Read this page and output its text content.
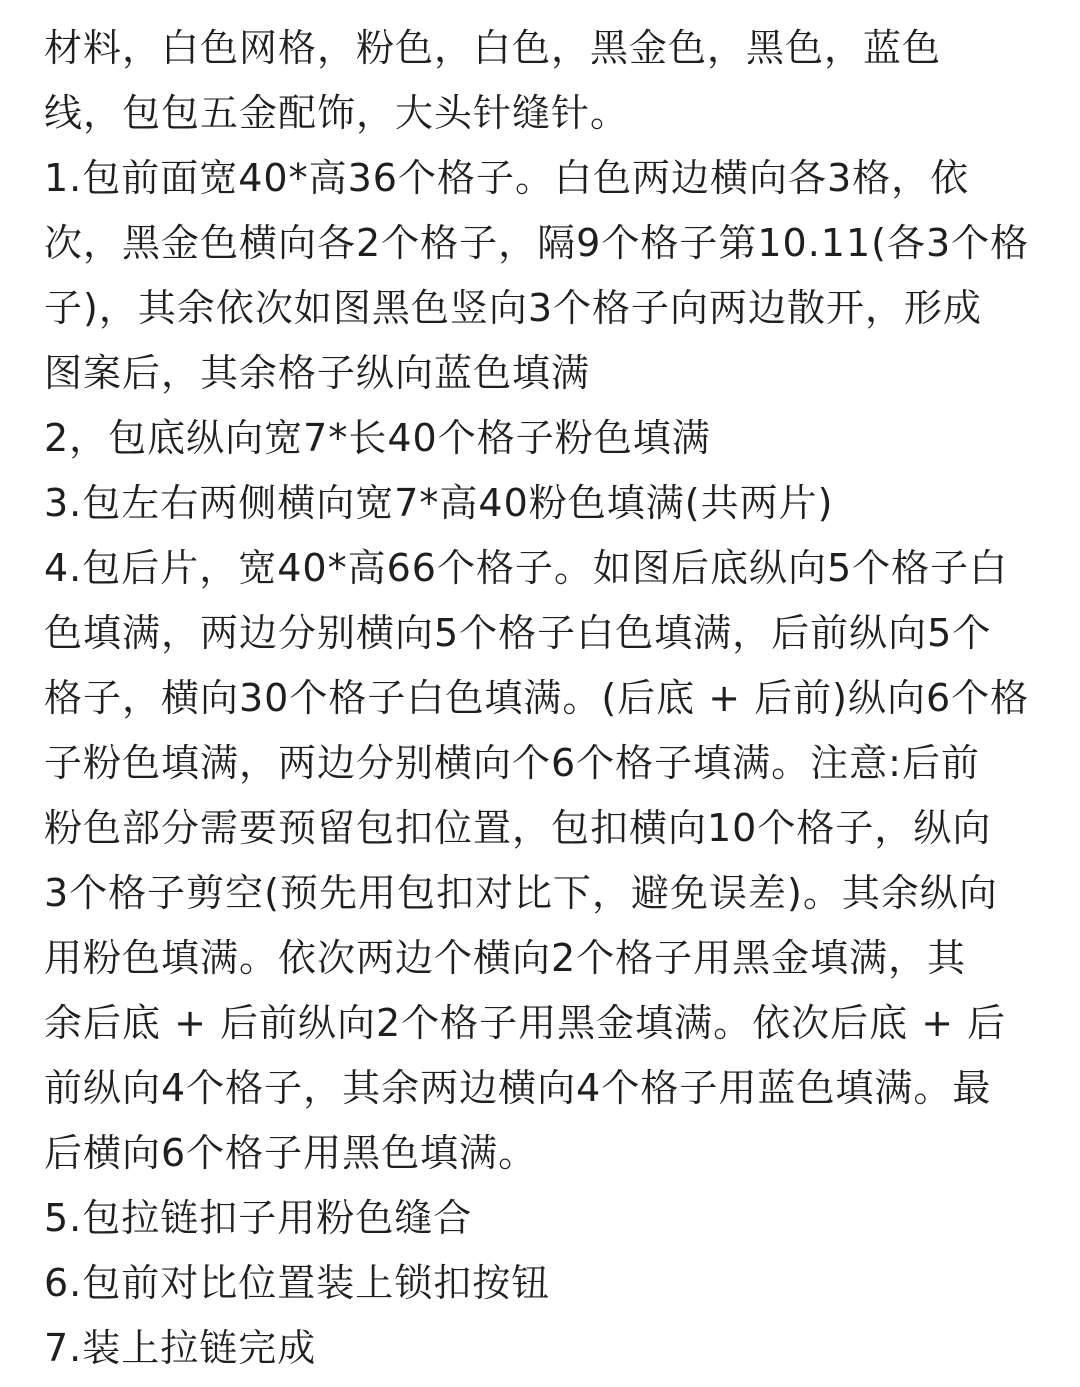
材料，白色网格，粉色，白色，黑金色，黑色，蓝色
线，包包五金配饰，大头针缝针。
1.包前面宽40*高36个格子。白色两边横向各3格，依
次，黑金色横向各2个格子，隔9个格子第10.11(各3个格
子)，其余依次如图黑色竖向3个格子向两边散开，形成
图案后，其余格子纵向蓝色填满
2，包底纵向宽7*长40个格子粉色填满
3.包左右两侧横向宽7*高40粉色填满(共两片)
4.包后片，宽40*高66个格子。如图后底纵向5个格子白
色填满，两边分别横向5个格子白色填满，后前纵向5个
格子，横向30个格子白色填满。(后底 + 后前)纵向6个格
子粉色填满，两边分别横向个6个格子填满。注意:后前
粉色部分需要预留包扣位置，包扣横向10个格子，纵向
3个格子剪空(预先用包扣对比下，避免误差)。其余纵向
用粉色填满。依次两边个横向2个格子用黑金填满，其
余后底 + 后前纵向2个格子用黑金填满。依次后底 + 后
前纵向4个格子，其余两边横向4个格子用蓝色填满。最
后横向6个格子用黑色填满。
5.包拉链扣子用粉色缝合
6.包前对比位置装上锁扣按钮
7.装上拉链完成
